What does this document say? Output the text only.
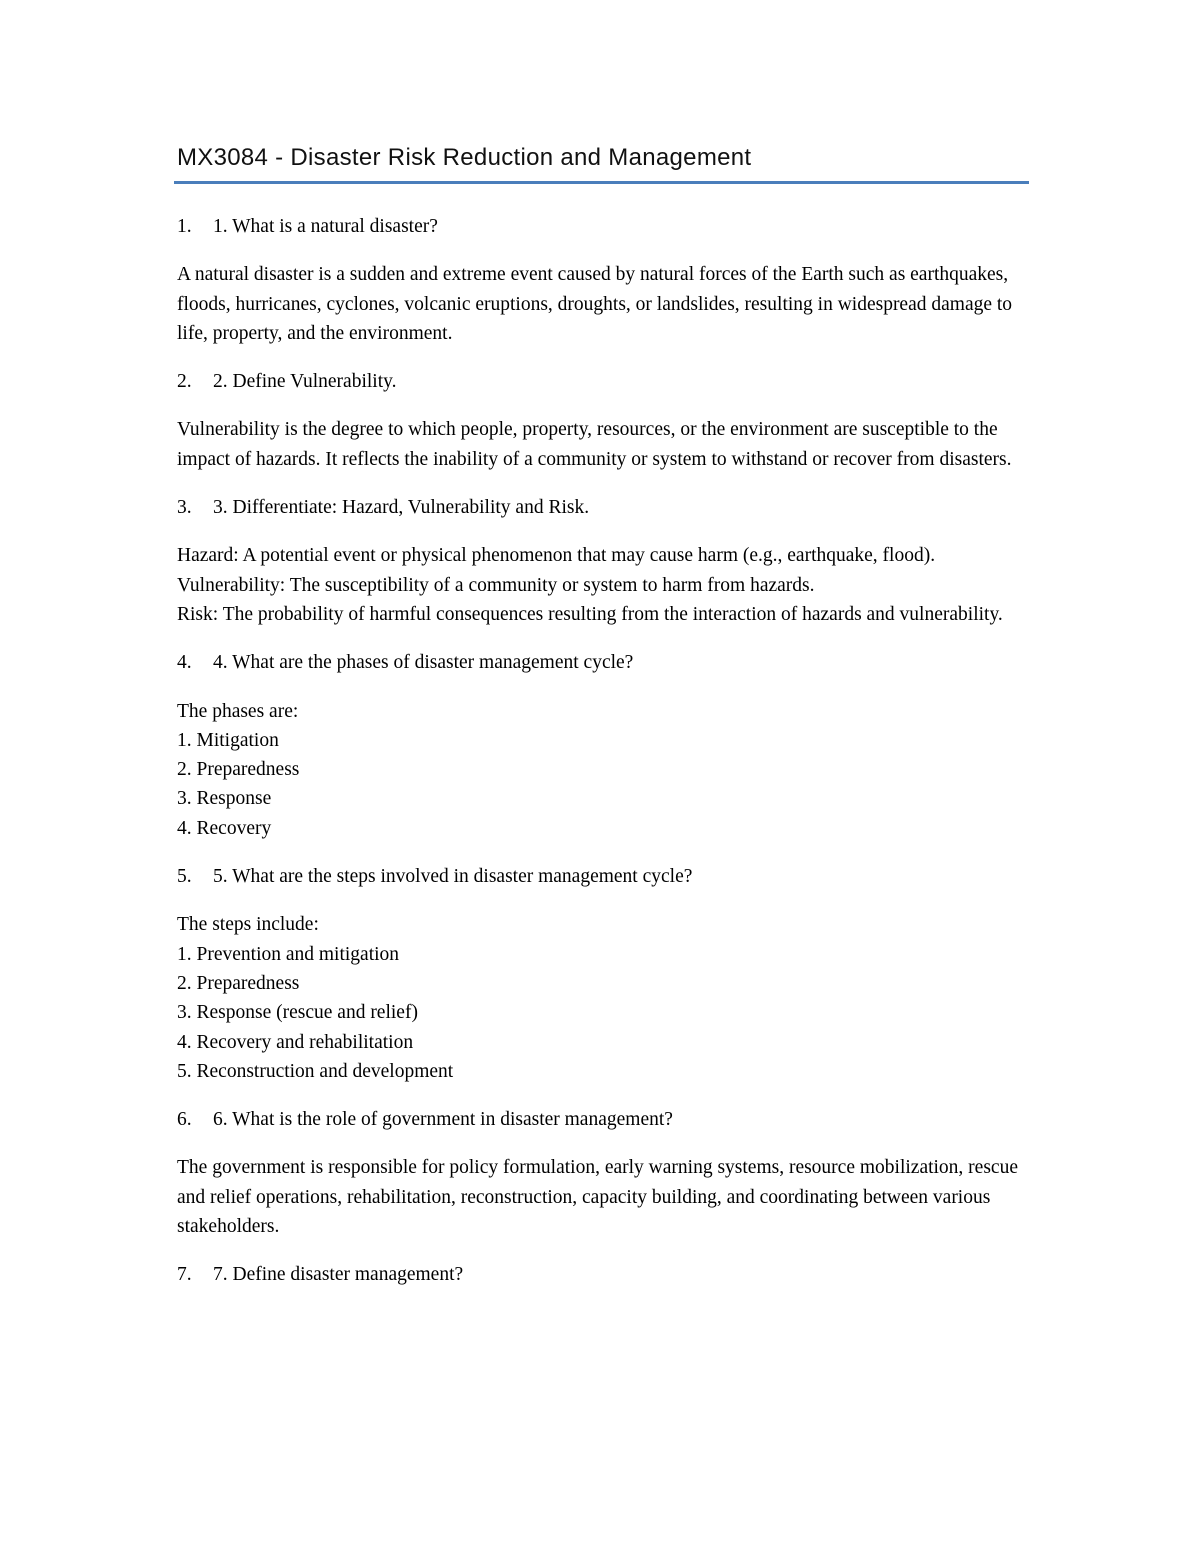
MX3084 - Disaster Risk Reduction and Management
1.	1. What is a natural disaster?
A natural disaster is a sudden and extreme event caused by natural forces of the Earth such as earthquakes, floods, hurricanes, cyclones, volcanic eruptions, droughts, or landslides, resulting in widespread damage to life, property, and the environment.
2.	2. Define Vulnerability.
Vulnerability is the degree to which people, property, resources, or the environment are susceptible to the impact of hazards. It reflects the inability of a community or system to withstand or recover from disasters.
3.	3. Differentiate: Hazard, Vulnerability and Risk.
Hazard: A potential event or physical phenomenon that may cause harm (e.g., earthquake, flood).
Vulnerability: The susceptibility of a community or system to harm from hazards.
Risk: The probability of harmful consequences resulting from the interaction of hazards and vulnerability.
4.	4. What are the phases of disaster management cycle?
The phases are:
1. Mitigation
2. Preparedness
3. Response
4. Recovery
5.	5. What are the steps involved in disaster management cycle?
The steps include:
1. Prevention and mitigation
2. Preparedness
3. Response (rescue and relief)
4. Recovery and rehabilitation
5. Reconstruction and development
6.	6. What is the role of government in disaster management?
The government is responsible for policy formulation, early warning systems, resource mobilization, rescue and relief operations, rehabilitation, reconstruction, capacity building, and coordinating between various stakeholders.
7.	7. Define disaster management?
